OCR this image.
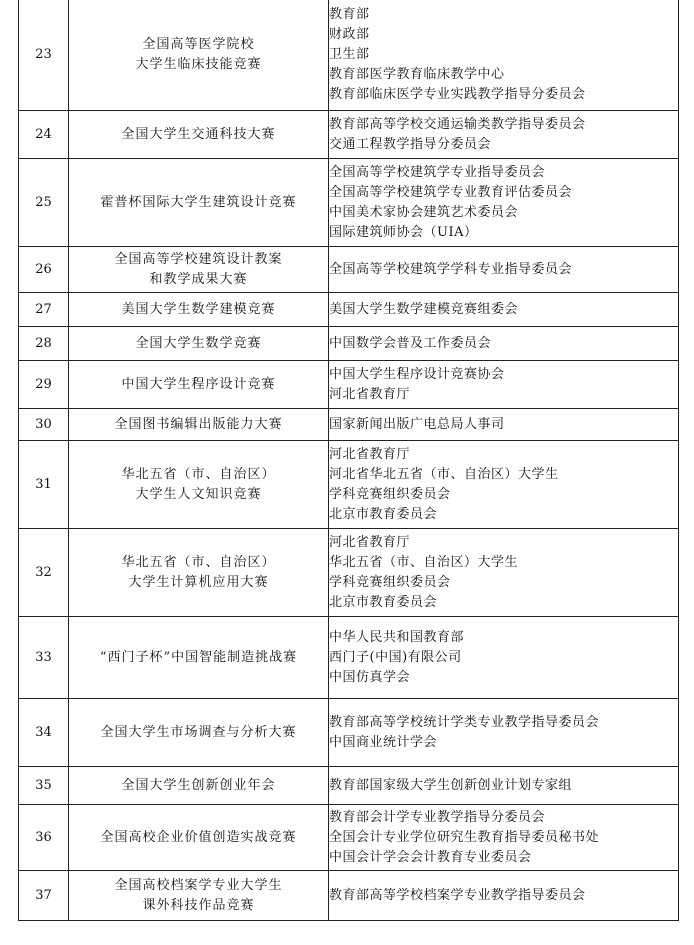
23	全国高等医学院校
大学生临床技能竞赛	教育部
财政部
卫生部
教育部医学教育临床教学中心
教育部临床医学专业实践教学指导分委员会

24	全国大学生交通科技大赛	教育部高等学校交通运输类教学指导委员会
交通工程教学指导分委员会

25	霍普杯国际大学生建筑设计竞赛	全国高等学校建筑学专业指导委员会
全国高等学校建筑学专业教育评估委员会
中国美术家协会建筑艺术委员会
国际建筑师协会（UIA）

26	全国高等学校建筑设计教案
和教学成果大赛	全国高等学校建筑学学科专业指导委员会

27	美国大学生数学建模竞赛	美国大学生数学建模竞赛组委会

28	全国大学生数学竞赛	中国数学会普及工作委员会

29	中国大学生程序设计竞赛	中国大学生程序设计竞赛协会
河北省教育厅

30	全国图书编辑出版能力大赛	国家新闻出版广电总局人事司

31	华北五省（市、自治区）
大学生人文知识竞赛	河北省教育厅
河北省华北五省（市、自治区）大学生
学科竞赛组织委员会
北京市教育委员会

32	华北五省（市、自治区）
大学生计算机应用大赛	河北省教育厅
华北五省（市、自治区）大学生
学科竞赛组织委员会
北京市教育委员会

33	“西门子杯”中国智能制造挑战赛	中华人民共和国教育部
西门子(中国)有限公司
中国仿真学会

34	全国大学生市场调查与分析大赛	教育部高等学校统计学类专业教学指导委员会
中国商业统计学会

35	全国大学生创新创业年会	教育部国家级大学生创新创业计划专家组

36	全国高校企业价值创造实战竞赛	教育部会计学专业教学指导分委员会
全国会计专业学位研究生教育指导委员秘书处
中国会计学会会计教育专业委员会

37	全国高校档案学专业大学生
课外科技作品竞赛	教育部高等学校档案学专业教学指导委员会
